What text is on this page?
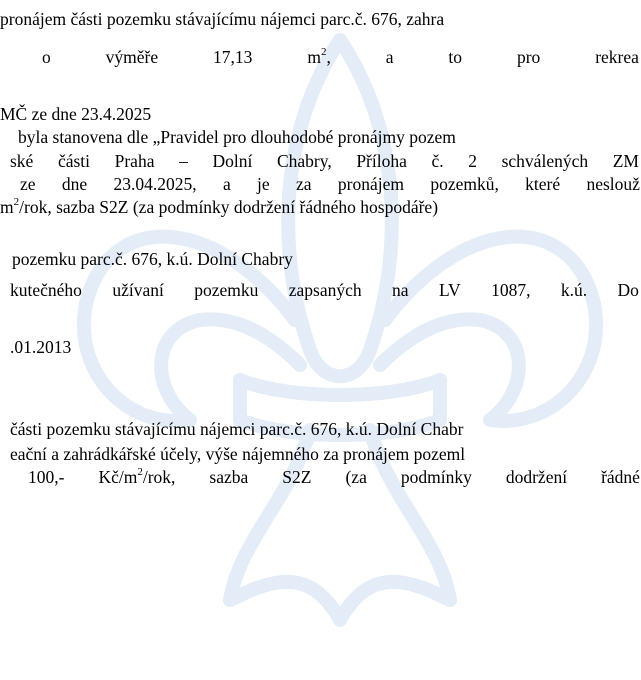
pronájem části pozemku stávajícímu nájemci parc.č. 676, zahra
o	výměře	17,13	$m^2$,	a	to	pro	rekrea
MČ ze dne 23.4.2025
byla stanovena dle „Pravidel pro dlouhodobé pronájmy pozem
ské části Praha – Dolní Chabry, Příloha č. 2 schválených ZM
ze dne 23.04.2025, a je za pronájem pozemků, které neslouž
$m^2$/rok, sazba S2Z (za podmínky dodržení řádného hospodáře)
pozemku parc.č. 676, k.ú. Dolní Chabry
kutečného užívaní pozemku zapsaných na LV 1087, k.ú. Do
.01.2013
části pozemku stávajícímu nájemci parc.č. 676, k.ú. Dolní Chabr
eační a zahrádkářské účely, výše nájemného za pronájem pozeml
100,- $Kč/m^2$/rok, sazba S2Z (za podmínky dodržení řádné
